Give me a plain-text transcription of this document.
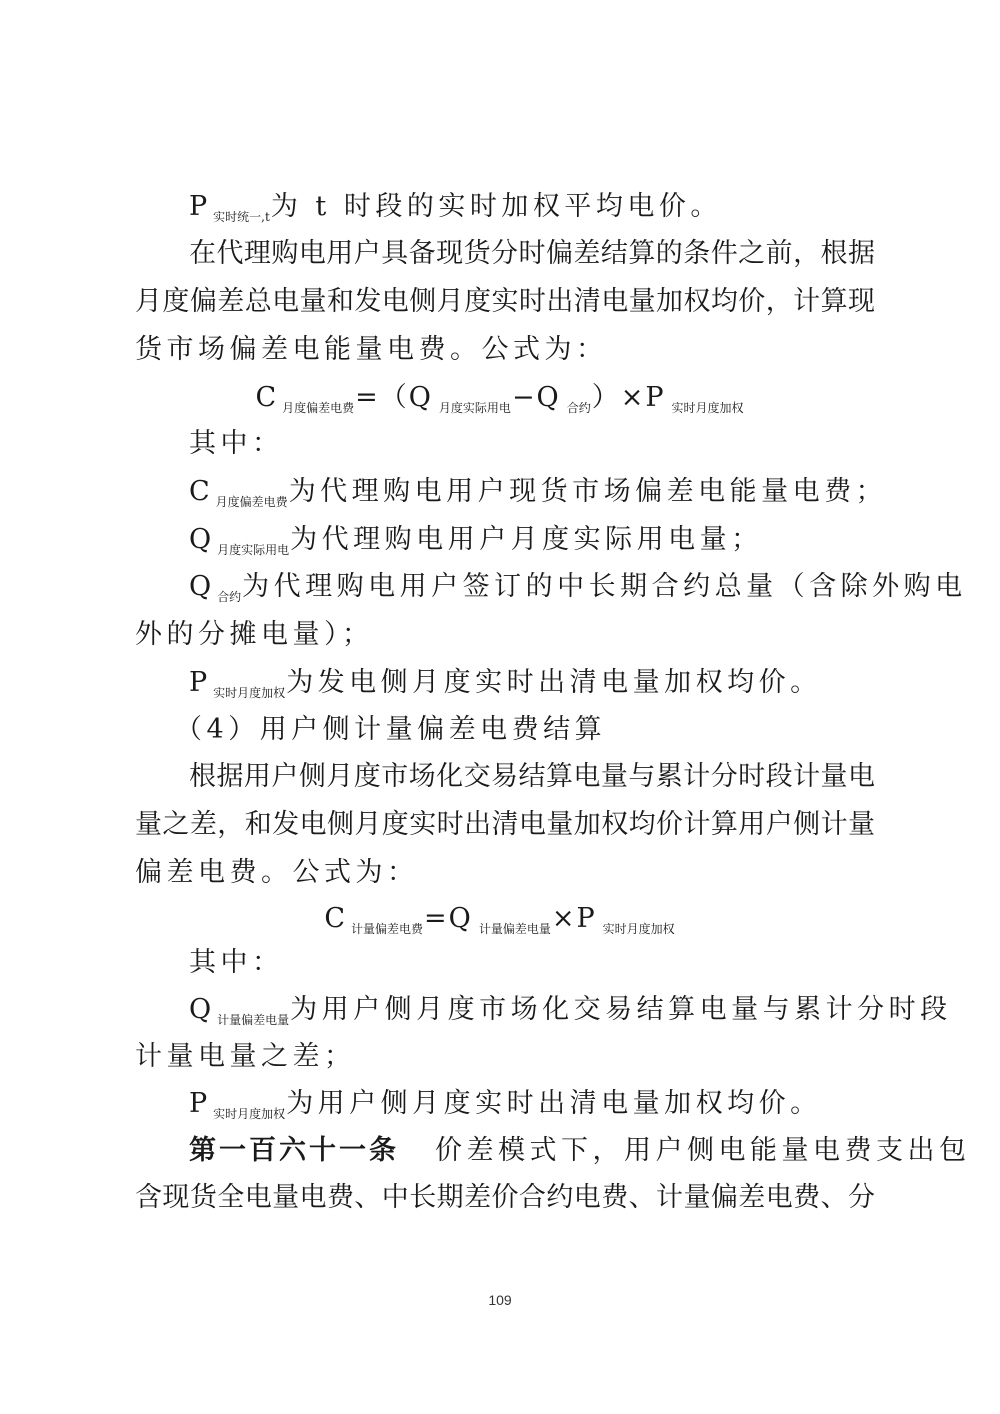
P $_{实时统一,t}$为 t 时段的实时加权平均电价。
在代理购电用户具备现货分时偏差结算的条件之前，根据
月度偏差总电量和发电侧月度实时出清电量加权均价，计算现
货市场偏差电能量电费。公式为：
C $_{月度偏差电费}$=（Q $_{月度实际用电}$−Q $_{合约}$）×P $_{实时月度加权}$
其中：
C $_{月度偏差电费}$为代理购电用户现货市场偏差电能量电费；
Q $_{月度实际用电}$为代理购电用户月度实际用电量；
Q $_{合约}$为代理购电用户签订的中长期合约总量（含除外购电
外的分摊电量）；
P $_{实时月度加权}$为发电侧月度实时出清电量加权均价。
（4）用户侧计量偏差电费结算
根据用户侧月度市场化交易结算电量与累计分时段计量电
量之差，和发电侧月度实时出清电量加权均价计算用户侧计量
偏差电费。公式为：
C $_{计量偏差电费}$=Q $_{计量偏差电量}$×P $_{实时月度加权}$
其中：
Q $_{计量偏差电量}$为用户侧月度市场化交易结算电量与累计分时段
计量电量之差；
P $_{实时月度加权}$为用户侧月度实时出清电量加权均价。
第一百六十一条 价差模式下，用户侧电能量电费支出包
含现货全电量电费、中长期差价合约电费、计量偏差电费、分
109
